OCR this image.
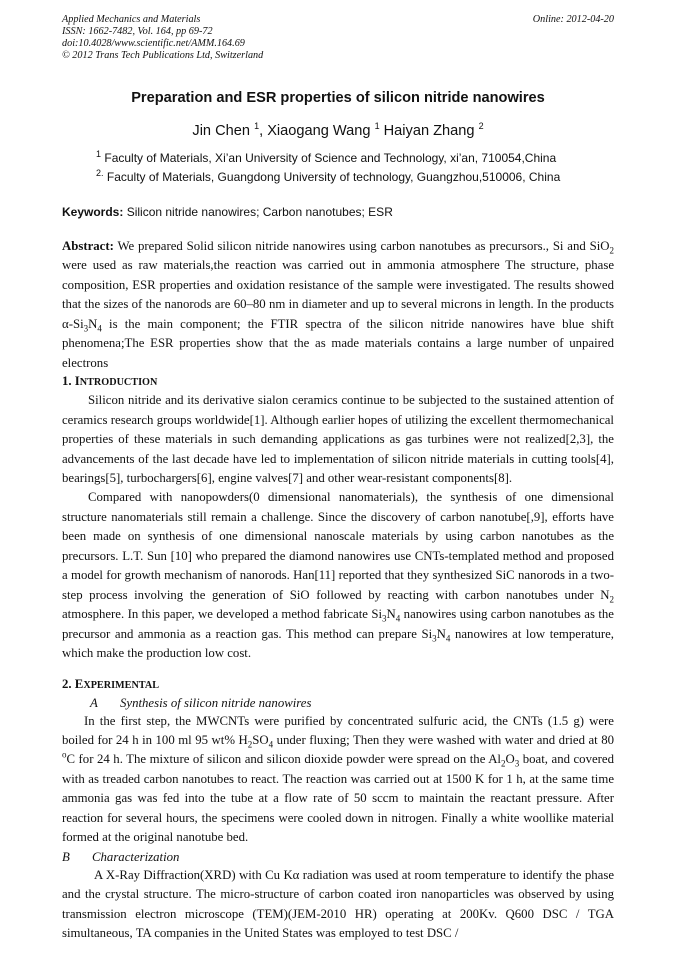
Applied Mechanics and Materials
ISSN: 1662-7482, Vol. 164, pp 69-72
doi:10.4028/www.scientific.net/AMM.164.69
© 2012 Trans Tech Publications Ltd, Switzerland
Online: 2012-04-20
Preparation and ESR properties of silicon nitride nanowires
Jin Chen $^1$, Xiaogang Wang $^1$ Haiyan Zhang $^2$
$^1$ Faculty of Materials, Xi’an University of Science and Technology, xi’an, 710054,China
$^{2.}$ Faculty of Materials, Guangdong University of technology, Guangzhou,510006, China
Keywords: Silicon nitride nanowires; Carbon nanotubes; ESR
Abstract: We prepared Solid silicon nitride nanowires using carbon nanotubes as precursors., Si and SiO$_2$ were used as raw materials,the reaction was carried out in ammonia atmosphere The structure, phase composition, ESR properties and oxidation resistance of the sample were investigated. The results showed that the sizes of the nanorods are 60–80 nm in diameter and up to several microns in length. In the products $\alpha-Si_3N_4$ is the main component; the FTIR spectra of the silicon nitride nanowires have blue shift phenomena;The ESR properties show that the as made materials contains a large number of unpaired electrons
1. INTRODUCTION
Silicon nitride and its derivative sialon ceramics continue to be subjected to the sustained attention of ceramics research groups worldwide[1]. Although earlier hopes of utilizing the excellent thermomechanical properties of these materials in such demanding applications as gas turbines were not realized[2,3], the advancements of the last decade have led to implementation of silicon nitride materials in cutting tools[4], bearings[5], turbochargers[6], engine valves[7] and other wear-resistant components[8].
Compared with nanopowders(0 dimensional nanomaterials), the synthesis of one dimensional structure nanomaterials still remain a challenge. Since the discovery of carbon nanotube[,9], efforts have been made on synthesis of one dimensional nanoscale materials by using carbon nanotubes as the precursors. L.T. Sun [10] who prepared the diamond nanowires use CNTs-templated method and proposed a model for growth mechanism of nanorods. Han[11] reported that they synthesized SiC nanorods in a two-step process involving the generation of SiO followed by reacting with carbon nanotubes under $N_2$ atmosphere. In this paper, we developed a method fabricate $Si_3N_4$ nanowires using carbon nanotubes as the precursor and ammonia as a reaction gas. This method can prepare $Si_3N_4$ nanowires at low temperature, which make the production low cost.
2. EXPERIMENTAL
A Synthesis of silicon nitride nanowires
In the first step, the MWCNTs were purified by concentrated sulfuric acid, the CNTs (1.5 g) were boiled for 24 h in 100 ml 95 wt% $H_2SO_4$ under fluxing; Then they were washed with water and dried at 80 $^o$C for 24 h. The mixture of silicon and silicon dioxide powder were spread on the $Al_2O_3$ boat, and covered with as treaded carbon nanotubes to react. The reaction was carried out at 1500 K for 1 h, at the same time ammonia gas was fed into the tube at a flow rate of 50 sccm to maintain the reactant pressure. After reaction for several hours, the specimens were cooled down in nitrogen. Finally a white woollike material formed at the original nanotube bed.
B Characterization
A X-Ray Diffraction(XRD) with Cu Kα radiation was used at room temperature to identify the phase and the crystal structure. The micro-structure of carbon coated iron nanoparticles was observed by using transmission electron microscope (TEM)(JEM-2010 HR) operating at 200Kv. Q600 DSC / TGA simultaneous, TA companies in the United States was employed to test DSC /
